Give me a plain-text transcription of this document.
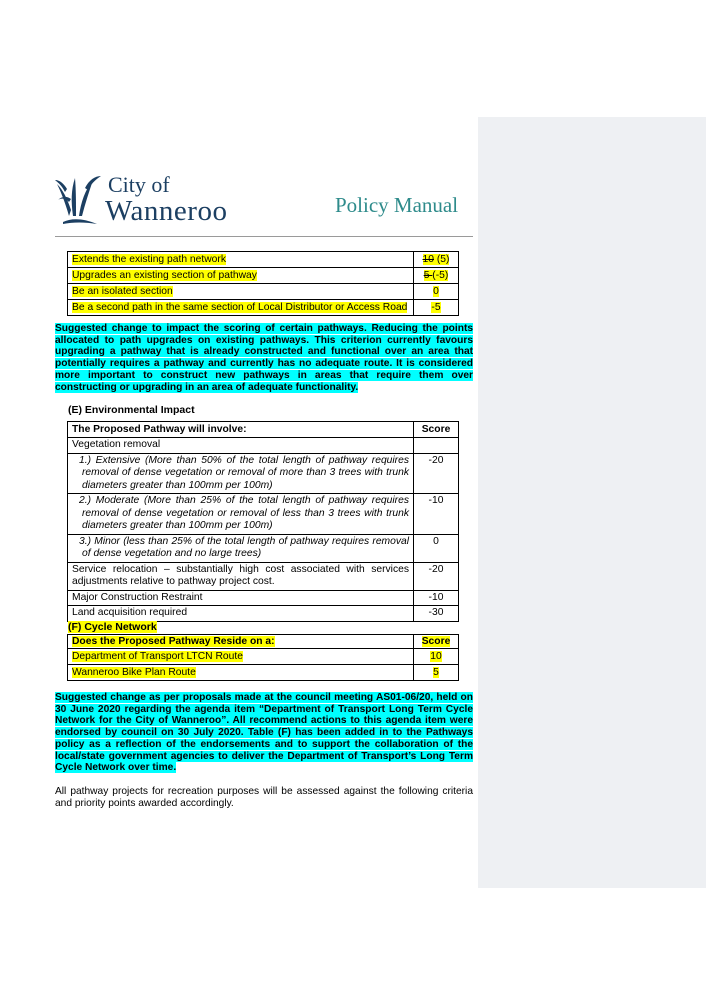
City of
Wanneroo	Policy Manual
Extends the existing path network	10 (5)
Upgrades an existing section of pathway	5 (-5)
Be an isolated section	0
Be a second path in the same section of Local Distributor or Access Road	-5
Suggested change to impact the scoring of certain pathways. Reducing the points allocated to path upgrades on existing pathways. This criterion currently favours upgrading a pathway that is already constructed and functional over an area that potentially requires a pathway and currently has no adequate route. It is considered more important to construct new pathways in areas that require them over constructing or upgrading in an area of adequate functionality.
(E) Environmental Impact
The Proposed Pathway will involve:	Score
Vegetation removal	
1.) Extensive (More than 50% of the total length of pathway requires removal of dense vegetation or removal of more than 3 trees with trunk diameters greater than 100mm per 100m)	-20
2.) Moderate (More than 25% of the total length of pathway requires removal of dense vegetation or removal of less than 3 trees with trunk diameters greater than 100mm per 100m)	-10
3.) Minor (less than 25% of the total length of pathway requires removal of dense vegetation and no large trees)	0
Service relocation – substantially high cost associated with services adjustments relative to pathway project cost.	-20
Major Construction Restraint	-10
Land acquisition required	-30
(F) Cycle Network
Does the Proposed Pathway Reside on a:	Score
Department of Transport LTCN Route	10
Wanneroo Bike Plan Route	5
Suggested change as per proposals made at the council meeting AS01-06/20, held on 30 June 2020 regarding the agenda item “Department of Transport Long Term Cycle Network for the City of Wanneroo”. All recommend actions to this agenda item were endorsed by council on 30 July 2020. Table (F) has been added in to the Pathways policy as a reflection of the endorsements and to support the collaboration of the local/state government agencies to deliver the Department of Transport’s Long Term Cycle Network over time.
All pathway projects for recreation purposes will be assessed against the following criteria and priority points awarded accordingly.
